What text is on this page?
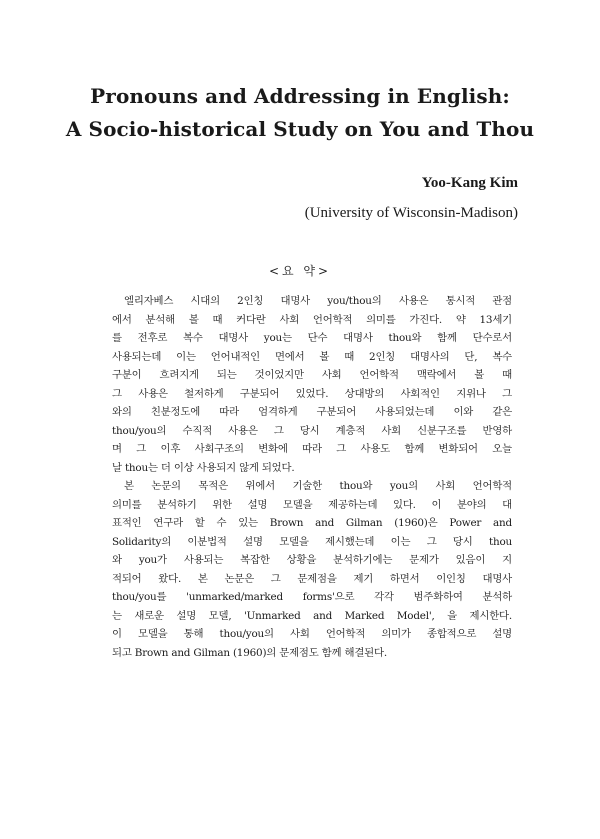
Pronouns and Addressing in English:
A Socio-historical Study on You and Thou
Yoo-Kang Kim
(University of Wisconsin-Madison)
<요 약>
엘리자베스 시대의 2인칭 대명사 you/thou의 사용은 통시적 관점
에서 분석해 볼 때 커다란 사회 언어학적 의미를 가진다. 약 13세기
를 전후로 복수 대명사 you는 단수 대명사 thou와 함께 단수로서
사용되는데 이는 언어내적인 면에서 볼 때 2인칭 대명사의 단, 복수
구분이 흐려지게 되는 것이었지만 사회 언어학적 맥락에서 볼 때
그 사용은 철저하게 구분되어 있었다. 상대방의 사회적인 지위나 그
와의 친분정도에 따라 엄격하게 구분되어 사용되었는데 이와 같은
thou/you의 수직적 사용은 그 당시 계층적 사회 신분구조를 반영하
며 그 이후 사회구조의 변화에 따라 그 사용도 함께 변화되어 오늘
날 thou는 더 이상 사용되지 않게 되었다.
본 논문의 목적은 위에서 기술한 thou와 you의 사회 언어학적
의미를 분석하기 위한 설명 모델을 제공하는데 있다. 이 분야의 대
표적인 연구라 할 수 있는 Brown and Gilman (1960)은 Power and
Solidarity의 이분법적 설명 모델을 제시했는데 이는 그 당시 thou
와 you가 사용되는 복잡한 상황을 분석하기에는 문제가 있음이 지
적되어 왔다. 본 논문은 그 문제점을 제기 하면서 이인칭 대명사
thou/you를 'unmarked/marked forms'으로 각각 범주화하여 분석하
는 새로운 설명 모델, 'Unmarked and Marked Model', 을 제시한다.
이 모델을 통해 thou/you의 사회 언어학적 의미가 종합적으로 설명
되고 Brown and Gilman (1960)의 문제점도 함께 해결된다.
